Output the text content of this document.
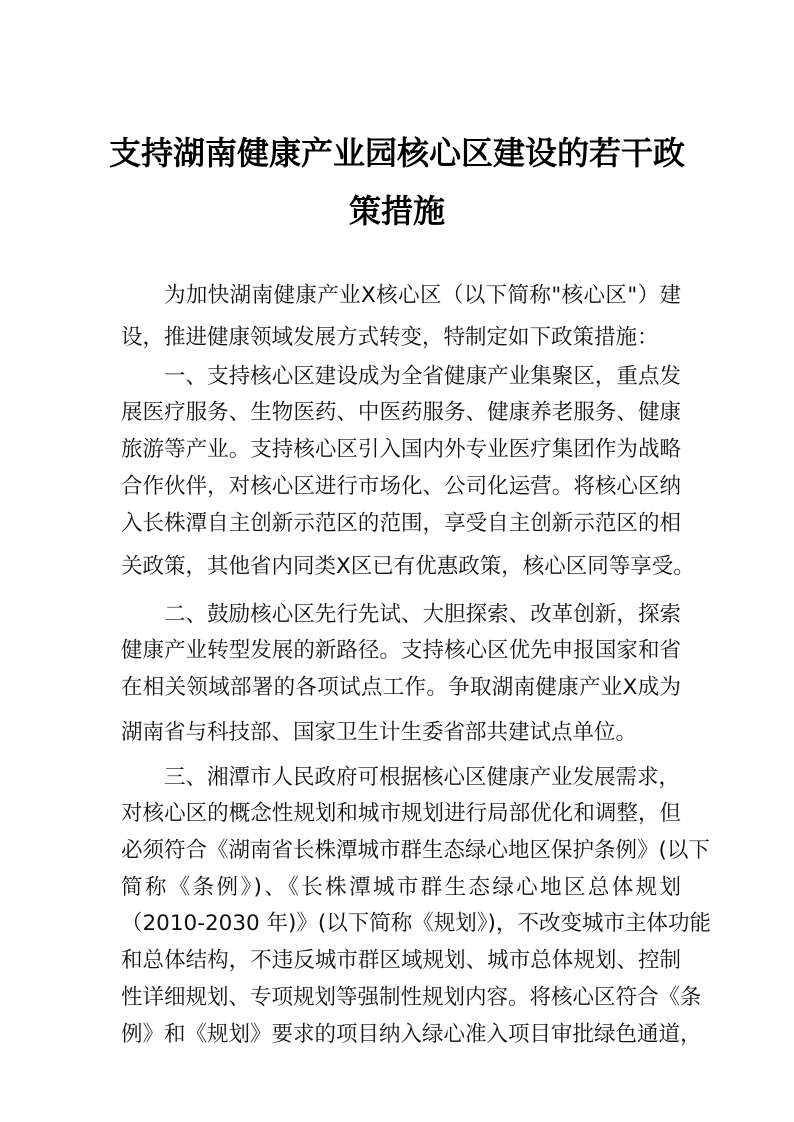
支持湖南健康产业园核心区建设的若干政
策措施

为加快湖南健康产业X核心区（以下简称"核心区"）建

设，推进健康领域发展方式转变，特制定如下政策措施：

一、支持核心区建设成为全省健康产业集聚区，重点发

展医疗服务、生物医药、中医药服务、健康养老服务、健康

旅游等产业。支持核心区引入国内外专业医疗集团作为战略

合作伙伴，对核心区进行市场化、公司化运营。将核心区纳

入长株潭自主创新示范区的范围，享受自主创新示范区的相

关政策，其他省内同类X区已有优惠政策，核心区同等享受。

二、鼓励核心区先行先试、大胆探索、改革创新，探索

健康产业转型发展的新路径。支持核心区优先申报国家和省

在相关领域部署的各项试点工作。争取湖南健康产业X成为

湖南省与科技部、国家卫生计生委省部共建试点单位。

三、湘潭市人民政府可根据核心区健康产业发展需求，

对核心区的概念性规划和城市规划进行局部优化和调整，但

必须符合《湖南省长株潭城市群生态绿心地区保护条例》(以下

简称《条例》)、《长株潭城市群生态绿心地区总体规划

（2010-2030 年)》(以下简称《规划》)，不改变城市主体功能

和总体结构，不违反城市群区域规划、城市总体规划、控制

性详细规划、专项规划等强制性规划内容。将核心区符合《条

例》和《规划》要求的项目纳入绿心准入项目审批绿色通道，
